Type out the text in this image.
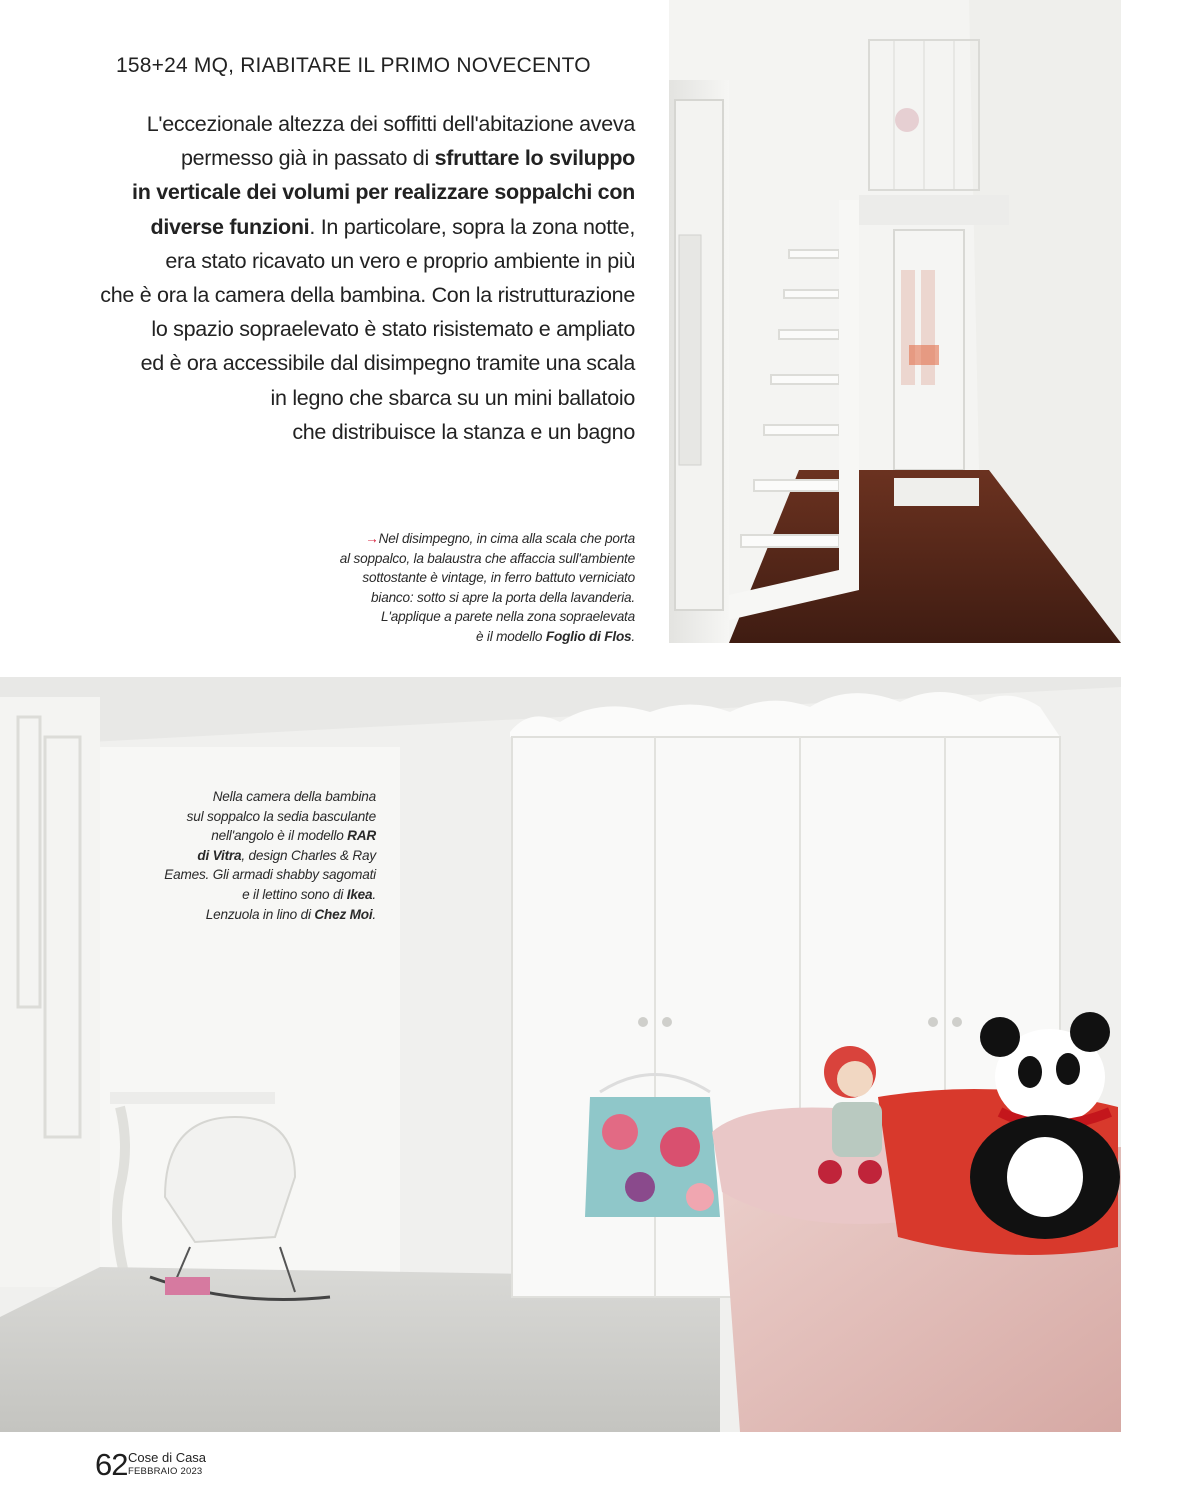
158+24 MQ, RIABITARE IL PRIMO NOVECENTO
L'eccezionale altezza dei soffitti dell'abitazione aveva
permesso già in passato di sfruttare lo sviluppo
in verticale dei volumi per realizzare soppalchi con
diverse funzioni. In particolare, sopra la zona notte,
era stato ricavato un vero e proprio ambiente in più
che è ora la camera della bambina. Con la ristrutturazione
lo spazio sopraelevato è stato risistemato e ampliato
ed è ora accessibile dal disimpegno tramite una scala
in legno che sbarca su un mini ballatoio
che distribuisce la stanza e un bagno
→Nel disimpegno, in cima alla scala che porta
al soppalco, la balaustra che affaccia sull'ambiente
sottostante è vintage, in ferro battuto verniciato
bianco: sotto si apre la porta della lavanderia.
L'applique a parete nella zona sopraelevata
è il modello Foglio di Flos.
Nella camera della bambina
sul soppalco la sedia basculante
nell'angolo è il modello RAR
di Vitra, design Charles & Ray
Eames. Gli armadi shabby sagomati
e il lettino sono di Ikea.
Lenzuola in lino di Chez Moi.
62 Cose di Casa
FEBBRAIO 2023
